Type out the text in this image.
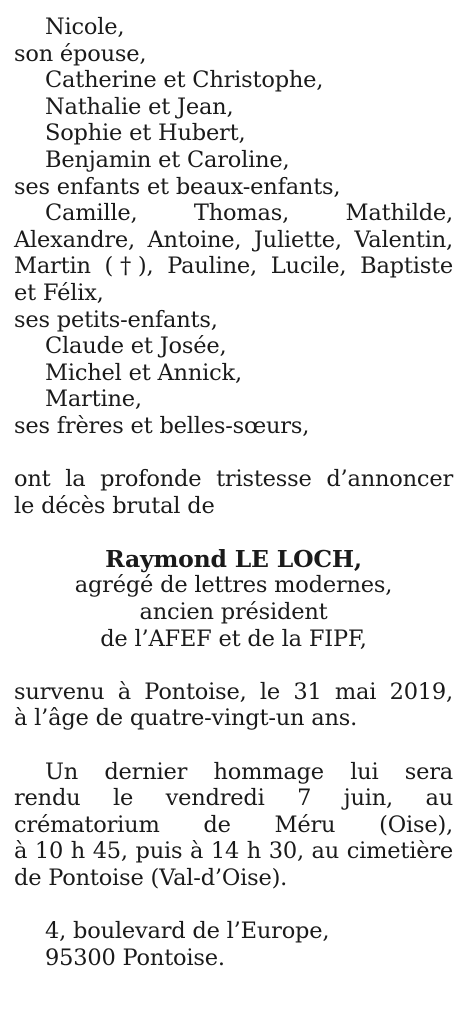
Nicole,
son épouse,
Catherine et Christophe,
Nathalie et Jean,
Sophie et Hubert,
Benjamin et Caroline,
ses enfants et beaux-enfants,
Camille, Thomas, Mathilde,
Alexandre, Antoine, Juliette, Valentin,
Martin (†), Pauline, Lucile, Baptiste
et Félix,
ses petits-enfants,
Claude et Josée,
Michel et Annick,
Martine,
ses frères et belles-sœurs,
ont la profonde tristesse d’annoncer
le décès brutal de
Raymond LE LOCH,
agrégé de lettres modernes,
ancien président
de l’AFEF et de la FIPF,
survenu à Pontoise, le 31 mai 2019,
à l’âge de quatre-vingt-un ans.
Un dernier hommage lui sera
rendu le vendredi 7 juin, au
crématorium de Méru (Oise),
à 10 h 45, puis à 14 h 30, au cimetière
de Pontoise (Val-d’Oise).
4, boulevard de l’Europe,
95300 Pontoise.
